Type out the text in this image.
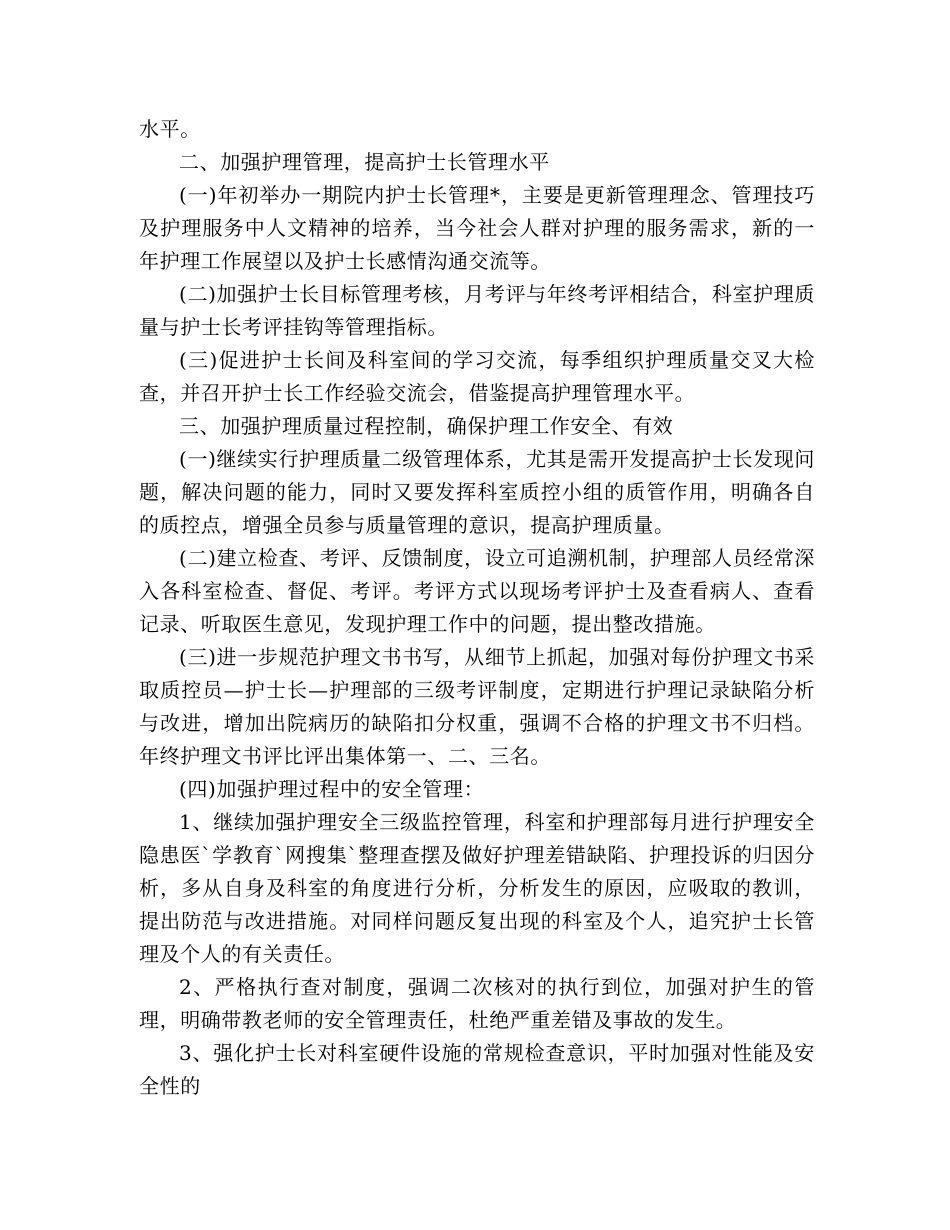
水平。

二、加强护理管理，提高护士长管理水平

(一)年初举办一期院内护士长管理*，主要是更新管理理念、管理技巧及护理服务中人文精神的培养，当今社会人群对护理的服务需求，新的一年护理工作展望以及护士长感情沟通交流等。

(二)加强护士长目标管理考核，月考评与年终考评相结合，科室护理质量与护士长考评挂钩等管理指标。

(三)促进护士长间及科室间的学习交流，每季组织护理质量交叉大检查，并召开护士长工作经验交流会，借鉴提高护理管理水平。

三、加强护理质量过程控制，确保护理工作安全、有效

(一)继续实行护理质量二级管理体系，尤其是需开发提高护士长发现问题，解决问题的能力，同时又要发挥科室质控小组的质管作用，明确各自的质控点，增强全员参与质量管理的意识，提高护理质量。

(二)建立检查、考评、反馈制度，设立可追溯机制，护理部人员经常深入各科室检查、督促、考评。考评方式以现场考评护士及查看病人、查看记录、听取医生意见，发现护理工作中的问题，提出整改措施。

(三)进一步规范护理文书书写，从细节上抓起，加强对每份护理文书采取质控员—护士长—护理部的三级考评制度，定期进行护理记录缺陷分析与改进，增加出院病历的缺陷扣分权重，强调不合格的护理文书不归档。年终护理文书评比评出集体第一、二、三名。

(四)加强护理过程中的安全管理：

1、继续加强护理安全三级监控管理，科室和护理部每月进行护理安全隐患医`学教育`网搜集`整理查摆及做好护理差错缺陷、护理投诉的归因分析，多从自身及科室的角度进行分析，分析发生的原因，应吸取的教训，提出防范与改进措施。对同样问题反复出现的科室及个人，追究护士长管理及个人的有关责任。

2、严格执行查对制度，强调二次核对的执行到位，加强对护生的管理，明确带教老师的安全管理责任，杜绝严重差错及事故的发生。

3、强化护士长对科室硬件设施的常规检查意识，平时加强对性能及安全性的
